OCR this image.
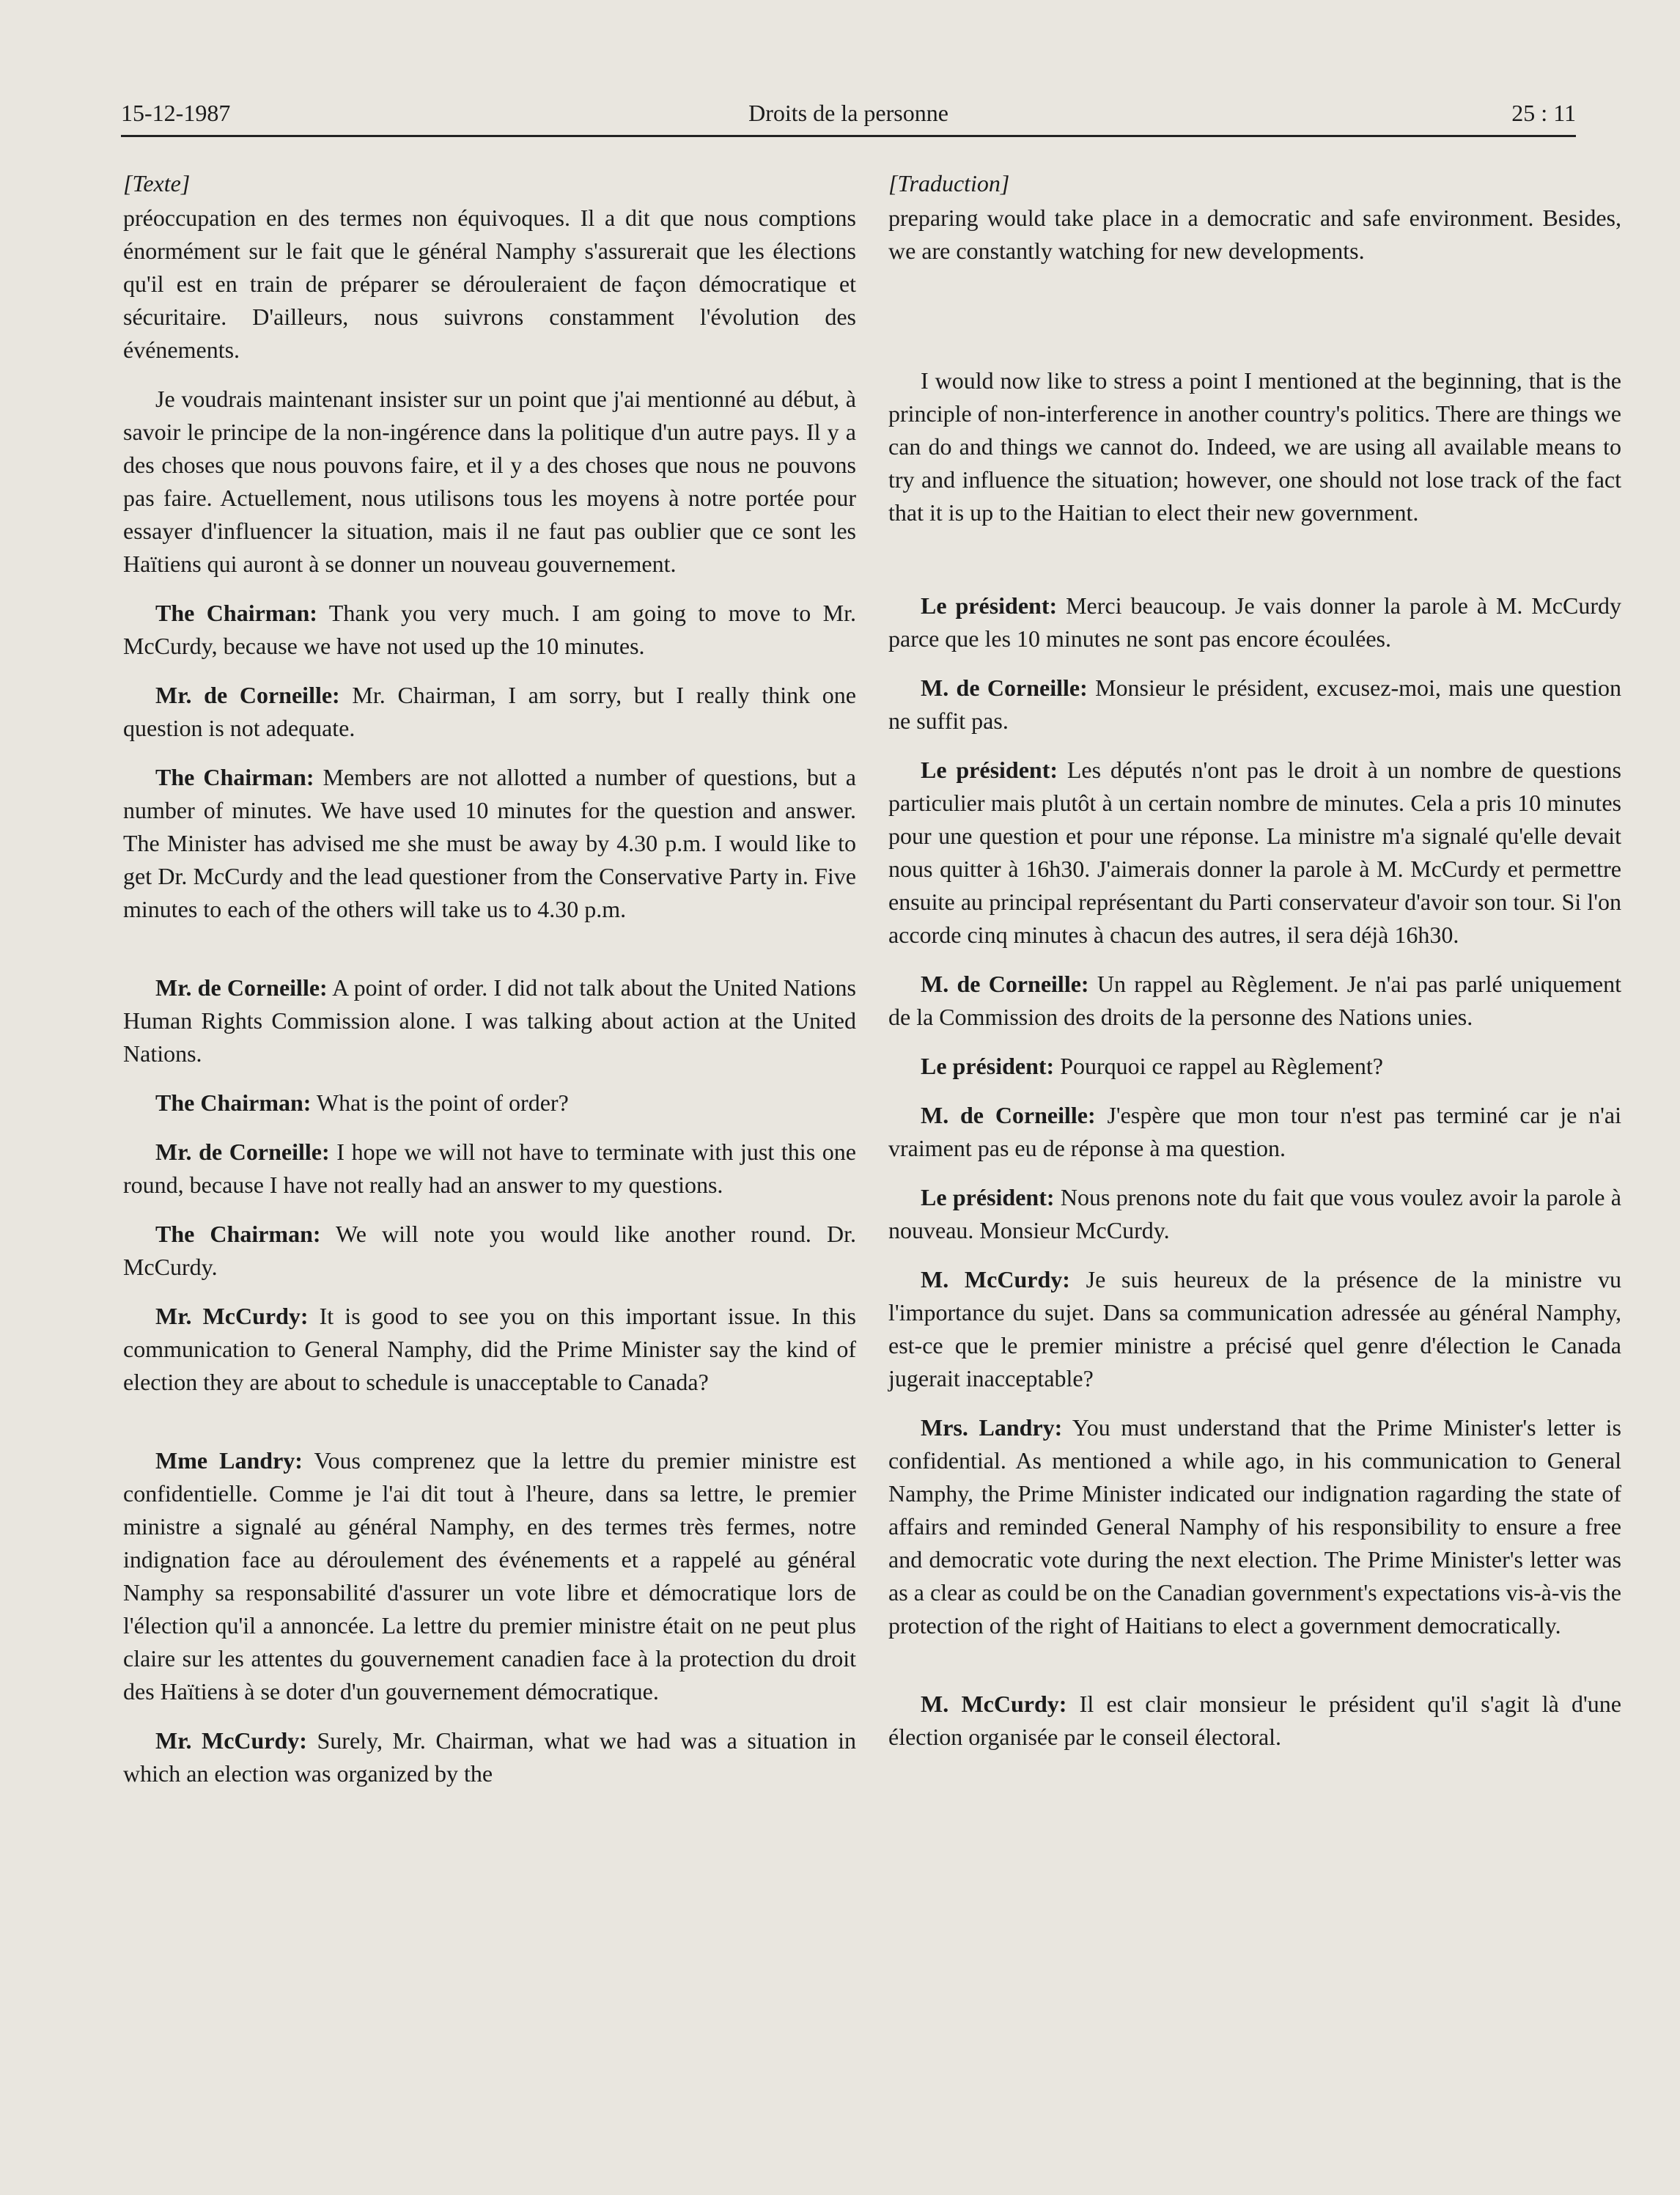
15-12-1987	Droits de la personne	25 : 11
[Texte]

préoccupation en des termes non équivoques. Il a dit que nous comptions énormément sur le fait que le général Namphy s'assurerait que les élections qu'il est en train de préparer se dérouleraient de façon démocratique et sécuritaire. D'ailleurs, nous suivrons constamment l'évolution des événements.

Je voudrais maintenant insister sur un point que j'ai mentionné au début, à savoir le principe de la non-ingérence dans la politique d'un autre pays. Il y a des choses que nous pouvons faire, et il y a des choses que nous ne pouvons pas faire. Actuellement, nous utilisons tous les moyens à notre portée pour essayer d'influencer la situation, mais il ne faut pas oublier que ce sont les Haïtiens qui auront à se donner un nouveau gouvernement.

The Chairman: Thank you very much. I am going to move to Mr. McCurdy, because we have not used up the 10 minutes.

Mr. de Corneille: Mr. Chairman, I am sorry, but I really think one question is not adequate.

The Chairman: Members are not allotted a number of questions, but a number of minutes. We have used 10 minutes for the question and answer. The Minister has advised me she must be away by 4.30 p.m. I would like to get Dr. McCurdy and the lead questioner from the Conservative Party in. Five minutes to each of the others will take us to 4.30 p.m.

Mr. de Corneille: A point of order. I did not talk about the United Nations Human Rights Commission alone. I was talking about action at the United Nations.

The Chairman: What is the point of order?

Mr. de Corneille: I hope we will not have to terminate with just this one round, because I have not really had an answer to my questions.

The Chairman: We will note you would like another round. Dr. McCurdy.

Mr. McCurdy: It is good to see you on this important issue. In this communication to General Namphy, did the Prime Minister say the kind of election they are about to schedule is unacceptable to Canada?

Mme Landry: Vous comprenez que la lettre du premier ministre est confidentielle. Comme je l'ai dit tout à l'heure, dans sa lettre, le premier ministre a signalé au général Namphy, en des termes très fermes, notre indignation face au déroulement des événements et a rappelé au général Namphy sa responsabilité d'assurer un vote libre et démocratique lors de l'élection qu'il a annoncée. La lettre du premier ministre était on ne peut plus claire sur les attentes du gouvernement canadien face à la protection du droit des Haïtiens à se doter d'un gouvernement démocratique.

Mr. McCurdy: Surely, Mr. Chairman, what we had was a situation in which an election was organized by the

[Traduction]

preparing would take place in a democratic and safe environment. Besides, we are constantly watching for new developments.

I would now like to stress a point I mentioned at the beginning, that is the principle of non-interference in another country's politics. There are things we can do and things we cannot do. Indeed, we are using all available means to try and influence the situation; however, one should not lose track of the fact that it is up to the Haitian to elect their new government.

Le président: Merci beaucoup. Je vais donner la parole à M. McCurdy parce que les 10 minutes ne sont pas encore écoulées.

M. de Corneille: Monsieur le président, excusez-moi, mais une question ne suffit pas.

Le président: Les députés n'ont pas le droit à un nombre de questions particulier mais plutôt à un certain nombre de minutes. Cela a pris 10 minutes pour une question et pour une réponse. La ministre m'a signalé qu'elle devait nous quitter à 16h30. J'aimerais donner la parole à M. McCurdy et permettre ensuite au principal représentant du Parti conservateur d'avoir son tour. Si l'on accorde cinq minutes à chacun des autres, il sera déjà 16h30.

M. de Corneille: Un rappel au Règlement. Je n'ai pas parlé uniquement de la Commission des droits de la personne des Nations unies.

Le président: Pourquoi ce rappel au Règlement?

M. de Corneille: J'espère que mon tour n'est pas terminé car je n'ai vraiment pas eu de réponse à ma question.

Le président: Nous prenons note du fait que vous voulez avoir la parole à nouveau. Monsieur McCurdy.

M. McCurdy: Je suis heureux de la présence de la ministre vu l'importance du sujet. Dans sa communication adressée au général Namphy, est-ce que le premier ministre a précisé quel genre d'élection le Canada jugerait inacceptable?

Mrs. Landry: You must understand that the Prime Minister's letter is confidential. As mentioned a while ago, in his communication to General Namphy, the Prime Minister indicated our indignation ragarding the state of affairs and reminded General Namphy of his responsibility to ensure a free and democratic vote during the next election. The Prime Minister's letter was as a clear as could be on the Canadian government's expectations vis-à-vis the protection of the right of Haitians to elect a government democratically.

M. McCurdy: Il est clair monsieur le président qu'il s'agit là d'une élection organisée par le conseil électoral.
